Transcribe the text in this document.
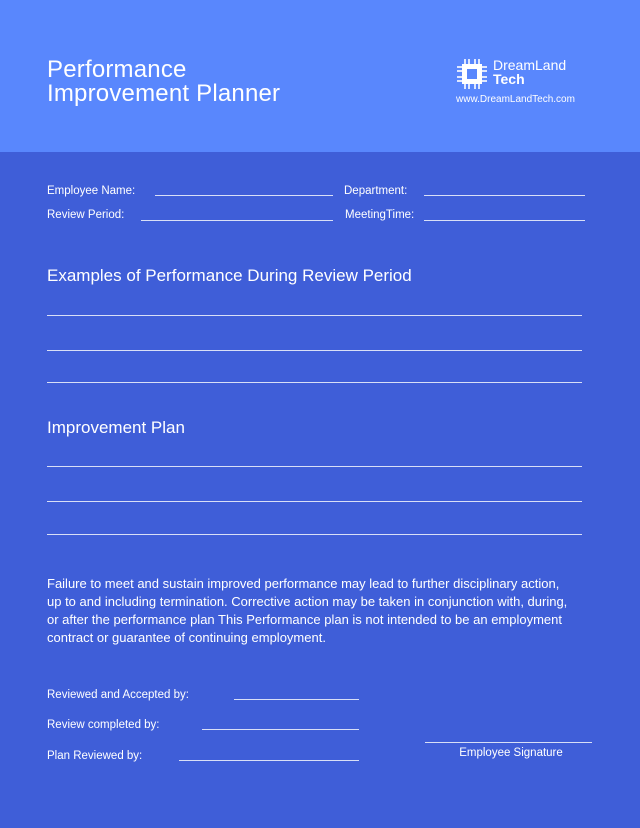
Performance
Improvement Planner
DreamLand
Tech
www.DreamLandTech.com
Employee Name:	Department:
Review Period:	MeetingTime:
Examples of Performance During Review Period
Improvement Plan
Failure to meet and sustain improved performance may lead to further disciplinary action, up to and including termination. Corrective action may be taken in conjunction with, during, or after the performance plan This Performance plan is not intended to be an employment contract or guarantee of continuing employment.
Reviewed and Accepted by:
Review completed by:
Plan Reviewed by:	Employee Signature
